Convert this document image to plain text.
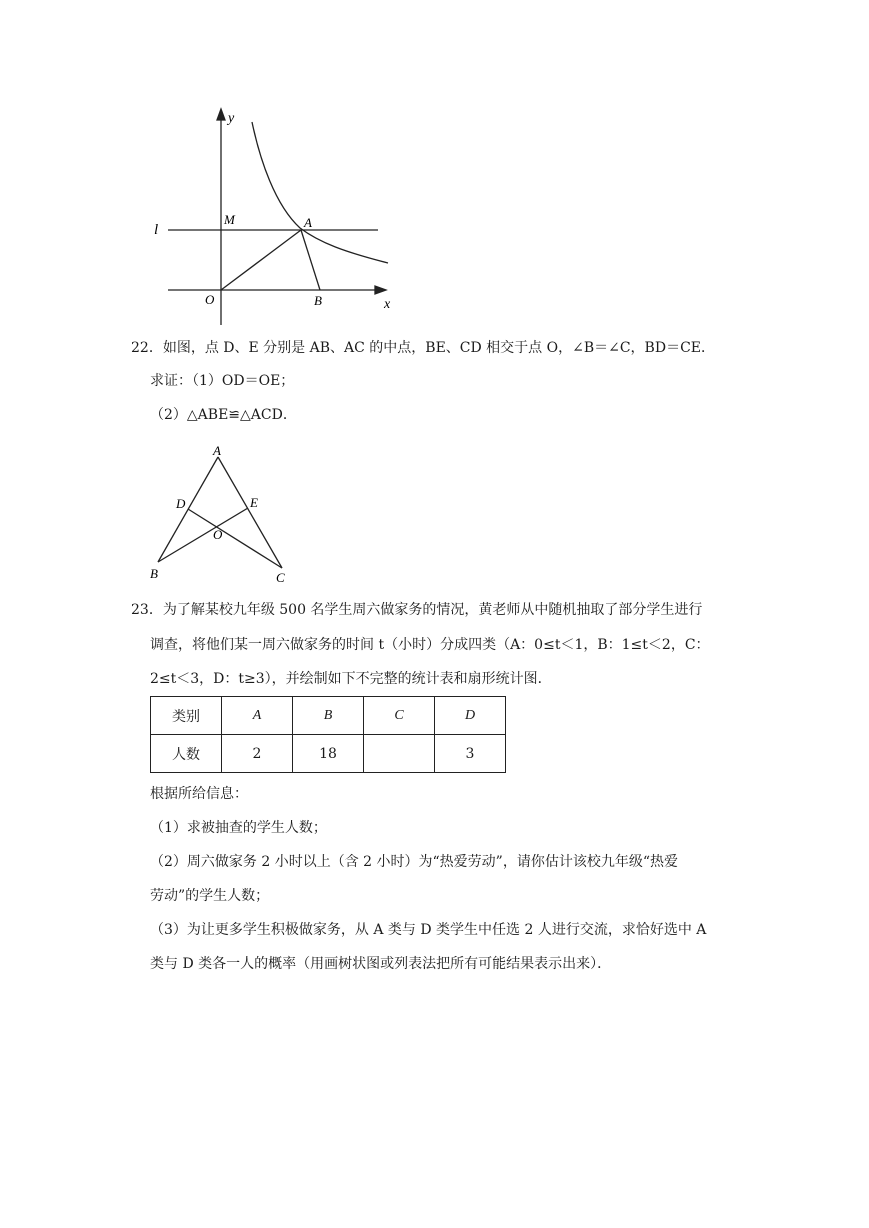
y
l
M	A
O	B	x
22．如图，点 D、E 分别是 AB、AC 的中点，BE、CD 相交于点 O，∠B＝∠C，BD＝CE．
求证：（1）OD＝OE；
（2）△ABE≌△ACD．
A
D	E
O
B	C
23．为了解某校九年级 500 名学生周六做家务的情况，黄老师从中随机抽取了部分学生进行
调查，将他们某一周六做家务的时间 t（小时）分成四类（A：0≤t＜1，B：1≤t＜2，C：
2≤t＜3，D：t≥3），并绘制如下不完整的统计表和扇形统计图．
类别	A	B	C	D
人数	2	18		3
根据所给信息：
（1）求被抽查的学生人数；
（2）周六做家务 2 小时以上（含 2 小时）为“热爱劳动”，请你估计该校九年级“热爱
劳动”的学生人数；
（3）为让更多学生积极做家务，从 A 类与 D 类学生中任选 2 人进行交流，求恰好选中 A
类与 D 类各一人的概率（用画树状图或列表法把所有可能结果表示出来）．
